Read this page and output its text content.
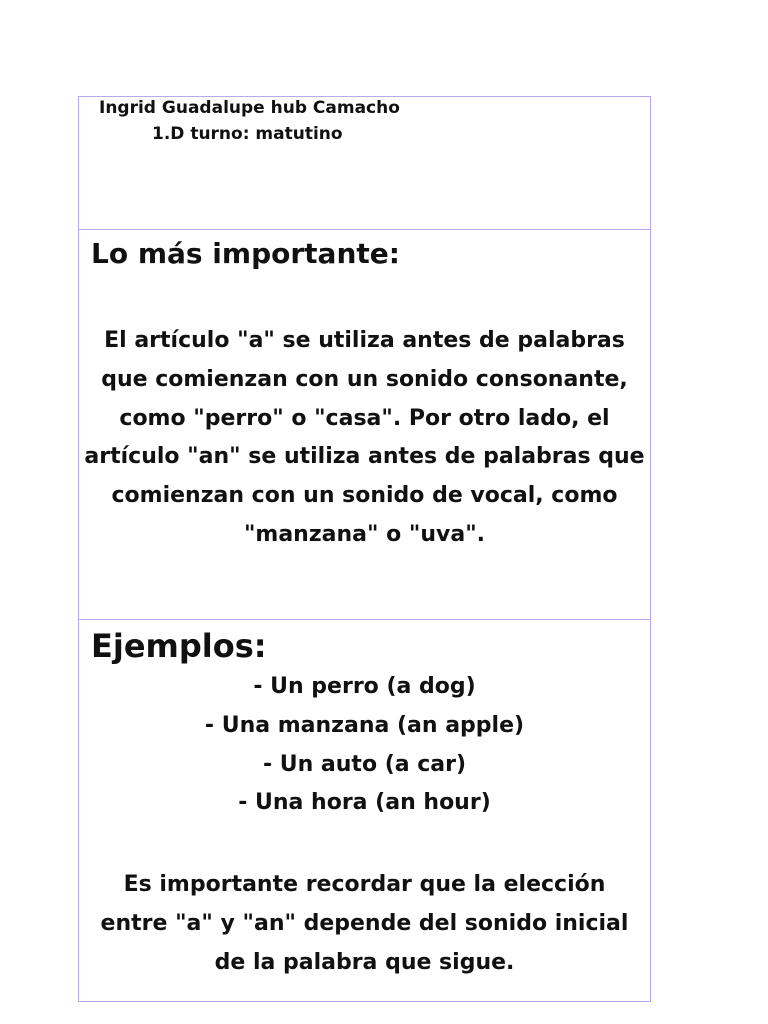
Ingrid Guadalupe hub Camacho
1.D turno: matutino
Lo más importante:
El artículo "a" se utiliza antes de palabras que comienzan con un sonido consonante, como "perro" o "casa". Por otro lado, el artículo "an" se utiliza antes de palabras que comienzan con un sonido de vocal, como "manzana" o "uva".
Ejemplos:
- Un perro (a dog)
- Una manzana (an apple)
- Un auto (a car)
- Una hora (an hour)
Es importante recordar que la elección entre "a" y "an" depende del sonido inicial de la palabra que sigue.
